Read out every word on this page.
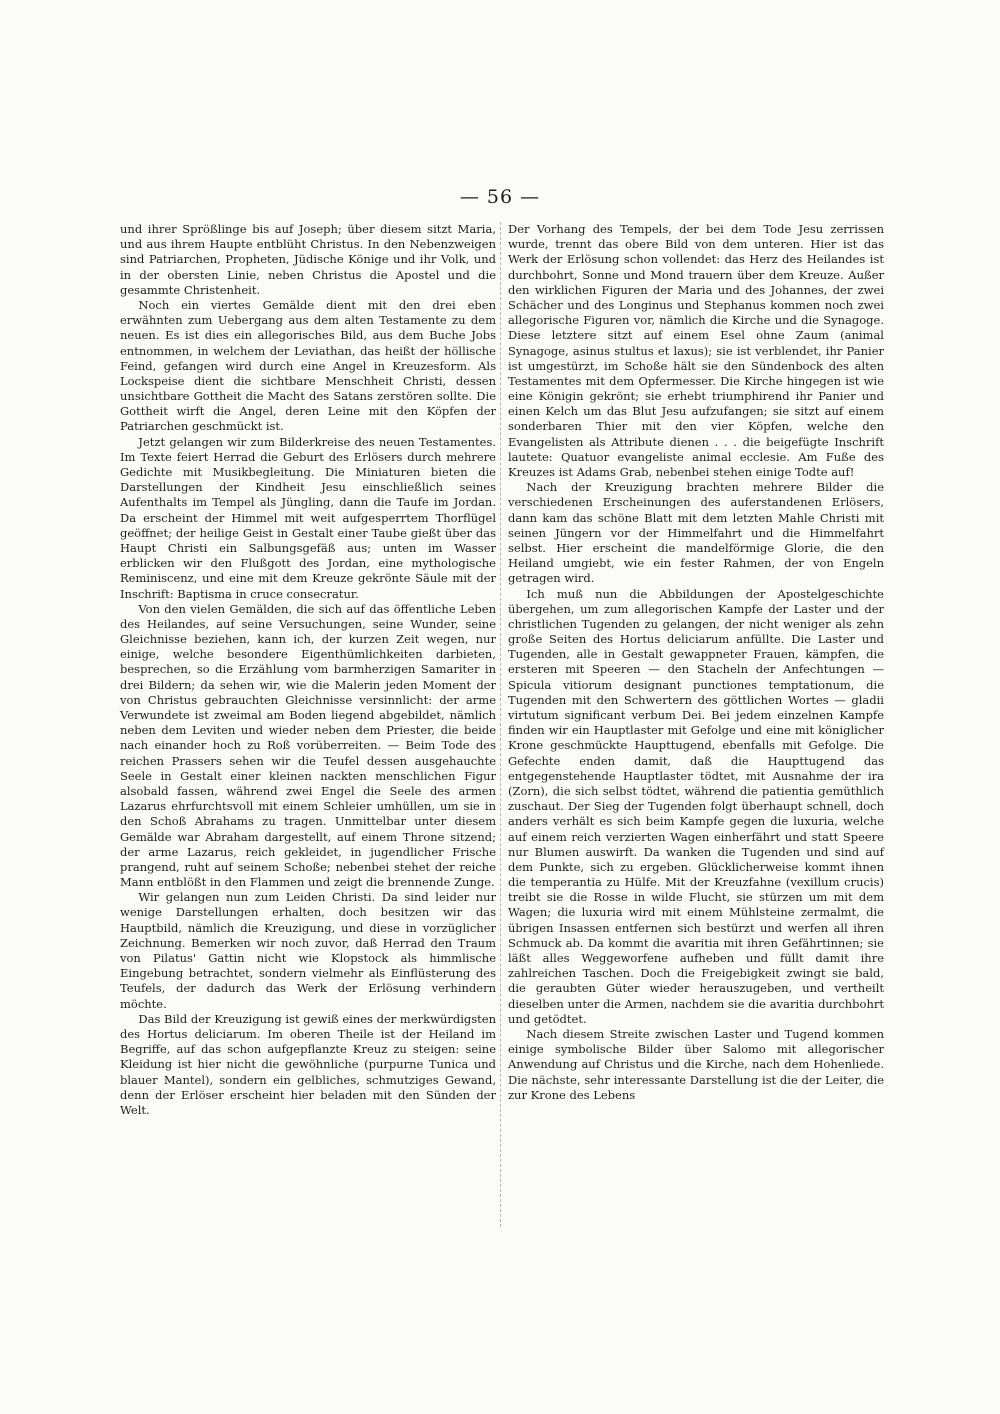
— 56 —

und ihrer Sprößlinge bis auf Joseph; über diesem sitzt Maria, und aus ihrem Haupte entblüht Christus. In den Nebenzweigen sind Patriarchen, Propheten, Jüdische Könige und ihr Volk, und in der obersten Linie, neben Christus die Apostel und die gesammte Christenheit.

Noch ein viertes Gemälde dient mit den drei eben erwähnten zum Uebergang aus dem alten Testamente zu dem neuen. Es ist dies ein allegorisches Bild, aus dem Buche Jobs entnommen, in welchem der Leviathan, das heißt der höllische Feind, gefangen wird durch eine Angel in Kreuzesform. Als Lockspeise dient die sichtbare Menschheit Christi, dessen unsichtbare Gottheit die Macht des Satans zerstören sollte. Die Gottheit wirft die Angel, deren Leine mit den Köpfen der Patriarchen geschmückt ist.

Jetzt gelangen wir zum Bilderkreise des neuen Testamentes. Im Texte feiert Herrad die Geburt des Erlösers durch mehrere Gedichte mit Musikbegleitung. Die Miniaturen bieten die Darstellungen der Kindheit Jesu einschließlich seines Aufenthalts im Tempel als Jüngling, dann die Taufe im Jordan. Da erscheint der Himmel mit weit aufgesperrtem Thorflügel geöffnet; der heilige Geist in Gestalt einer Taube gießt über das Haupt Christi ein Salbungsgefäß aus; unten im Wasser erblicken wir den Flußgott des Jordan, eine mythologische Reminiscenz, und eine mit dem Kreuze gekrönte Säule mit der Inschrift: Baptisma in cruce consecratur.

Von den vielen Gemälden, die sich auf das öffentliche Leben des Heilandes, auf seine Versuchungen, seine Wunder, seine Gleichnisse beziehen, kann ich, der kurzen Zeit wegen, nur einige, welche besondere Eigenthümlichkeiten darbieten, besprechen, so die Erzählung vom barmherzigen Samariter in drei Bildern; da sehen wir, wie die Malerin jeden Moment der von Christus gebrauchten Gleichnisse versinnlicht: der arme Verwundete ist zweimal am Boden liegend abgebildet, nämlich neben dem Leviten und wieder neben dem Priester, die beide nach einander hoch zu Roß vorüberreiten. — Beim Tode des reichen Prassers sehen wir die Teufel dessen ausgehauchte Seele in Gestalt einer kleinen nackten menschlichen Figur alsobald fassen, während zwei Engel die Seele des armen Lazarus ehrfurchtsvoll mit einem Schleier umhüllen, um sie in den Schoß Abrahams zu tragen. Unmittelbar unter diesem Gemälde war Abraham dargestellt, auf einem Throne sitzend; der arme Lazarus, reich gekleidet, in jugendlicher Frische prangend, ruht auf seinem Schoße; nebenbei stehet der reiche Mann entblößt in den Flammen und zeigt die brennende Zunge.

Wir gelangen nun zum Leiden Christi. Da sind leider nur wenige Darstellungen erhalten, doch besitzen wir das Hauptbild, nämlich die Kreuzigung, und diese in vorzüglicher Zeichnung. Bemerken wir noch zuvor, daß Herrad den Traum von Pilatus' Gattin nicht wie Klopstock als himmlische Eingebung betrachtet, sondern vielmehr als Einflüsterung des Teufels, der dadurch das Werk der Erlösung verhindern möchte.

Das Bild der Kreuzigung ist gewiß eines der merkwürdigsten des Hortus deliciarum. Im oberen Theile ist der Heiland im Begriffe, auf das schon aufgepflanzte Kreuz zu steigen: seine Kleidung ist hier nicht die gewöhnliche (purpurne Tunica und blauer Mantel), sondern ein gelbliches, schmutziges Gewand, denn der Erlöser erscheint hier beladen mit den Sünden der Welt.

Der Vorhang des Tempels, der bei dem Tode Jesu zerrissen wurde, trennt das obere Bild von dem unteren. Hier ist das Werk der Erlösung schon vollendet: das Herz des Heilandes ist durchbohrt, Sonne und Mond trauern über dem Kreuze. Außer den wirklichen Figuren der Maria und des Johannes, der zwei Schächer und des Longinus und Stephanus kommen noch zwei allegorische Figuren vor, nämlich die Kirche und die Synagoge. Diese letztere sitzt auf einem Esel ohne Zaum (animal Synagoge, asinus stultus et laxus); sie ist verblendet, ihr Panier ist umgestürzt, im Schoße hält sie den Sündenbock des alten Testamentes mit dem Opfermesser. Die Kirche hingegen ist wie eine Königin gekrönt; sie erhebt triumphirend ihr Panier und einen Kelch um das Blut Jesu aufzufangen; sie sitzt auf einem sonderbaren Thier mit den vier Köpfen, welche den Evangelisten als Attribute dienen . . . die beigefügte Inschrift lautete: Quatuor evangeliste animal ecclesie. Am Fuße des Kreuzes ist Adams Grab, nebenbei stehen einige Todte auf!

Nach der Kreuzigung brachten mehrere Bilder die verschiedenen Erscheinungen des auferstandenen Erlösers, dann kam das schöne Blatt mit dem letzten Mahle Christi mit seinen Jüngern vor der Himmelfahrt und die Himmelfahrt selbst. Hier erscheint die mandelförmige Glorie, die den Heiland umgiebt, wie ein fester Rahmen, der von Engeln getragen wird.

Ich muß nun die Abbildungen der Apostelgeschichte übergehen, um zum allegorischen Kampfe der Laster und der christlichen Tugenden zu gelangen, der nicht weniger als zehn große Seiten des Hortus deliciarum anfüllte. Die Laster und Tugenden, alle in Gestalt gewappneter Frauen, kämpfen, die ersteren mit Speeren — den Stacheln der Anfechtungen — Spicula vitiorum designant punctiones temptationum, die Tugenden mit den Schwertern des göttlichen Wortes — gladii virtutum significant verbum Dei. Bei jedem einzelnen Kampfe finden wir ein Hauptlaster mit Gefolge und eine mit königlicher Krone geschmückte Haupttugend, ebenfalls mit Gefolge. Die Gefechte enden damit, daß die Haupttugend das entgegenstehende Hauptlaster tödtet, mit Ausnahme der ira (Zorn), die sich selbst tödtet, während die patientia gemüthlich zuschaut. Der Sieg der Tugenden folgt überhaupt schnell, doch anders verhält es sich beim Kampfe gegen die luxuria, welche auf einem reich verzierten Wagen einherfährt und statt Speere nur Blumen auswirft. Da wanken die Tugenden und sind auf dem Punkte, sich zu ergeben. Glücklicherweise kommt ihnen die temperantia zu Hülfe. Mit der Kreuzfahne (vexillum crucis) treibt sie die Rosse in wilde Flucht, sie stürzen um mit dem Wagen; die luxuria wird mit einem Mühlsteine zermalmt, die übrigen Insassen entfernen sich bestürzt und werfen all ihren Schmuck ab. Da kommt die avaritia mit ihren Gefährtinnen; sie läßt alles Weggeworfene aufheben und füllt damit ihre zahlreichen Taschen. Doch die Freigebigkeit zwingt sie bald, die geraubten Güter wieder herauszugeben, und vertheilt dieselben unter die Armen, nachdem sie die avaritia durchbohrt und getödtet.

Nach diesem Streite zwischen Laster und Tugend kommen einige symbolische Bilder über Salomo mit allegorischer Anwendung auf Christus und die Kirche, nach dem Hohenliede. Die nächste, sehr interessante Darstellung ist die der Leiter, die zur Krone des Lebens
